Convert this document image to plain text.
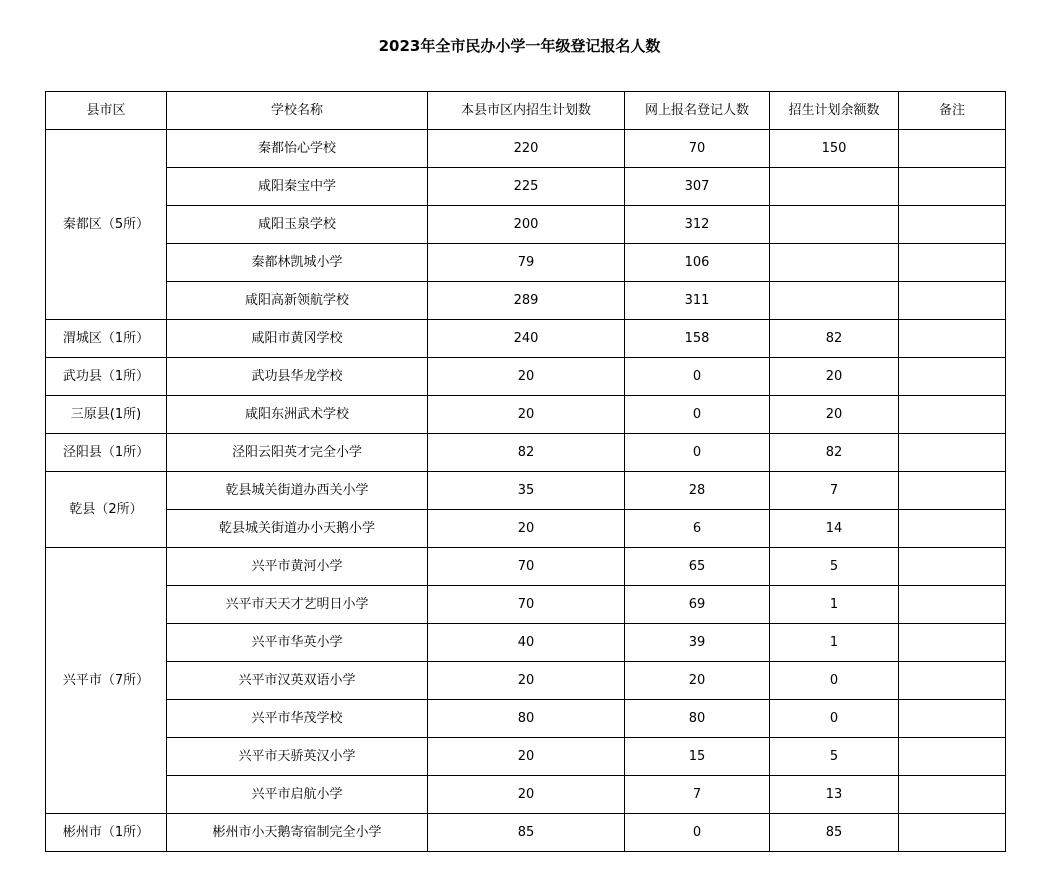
2023年全市民办小学一年级登记报名人数
县市区	学校名称	本县市区内招生计划数	网上报名登记人数	招生计划余额数	备注
秦都区（5所）	秦都怡心学校	220	70	150	
	咸阳秦宝中学	225	307		
	咸阳玉泉学校	200	312		
	秦都林凯城小学	79	106		
	咸阳高新领航学校	289	311		
渭城区（1所）	咸阳市黄冈学校	240	158	82	
武功县（1所）	武功县华龙学校	20	0	20	
三原县(1所)	咸阳东洲武术学校	20	0	20	
泾阳县（1所）	泾阳云阳英才完全小学	82	0	82	
乾县（2所）	乾县城关街道办西关小学	35	28	7	
	乾县城关街道办小天鹅小学	20	6	14	
兴平市（7所）	兴平市黄河小学	70	65	5	
	兴平市天天才艺明日小学	70	69	1	
	兴平市华英小学	40	39	1	
	兴平市汉英双语小学	20	20	0	
	兴平市华茂学校	80	80	0	
	兴平市天骄英汉小学	20	15	5	
	兴平市启航小学	20	7	13	
彬州市（1所）	彬州市小天鹅寄宿制完全小学	85	0	85	
